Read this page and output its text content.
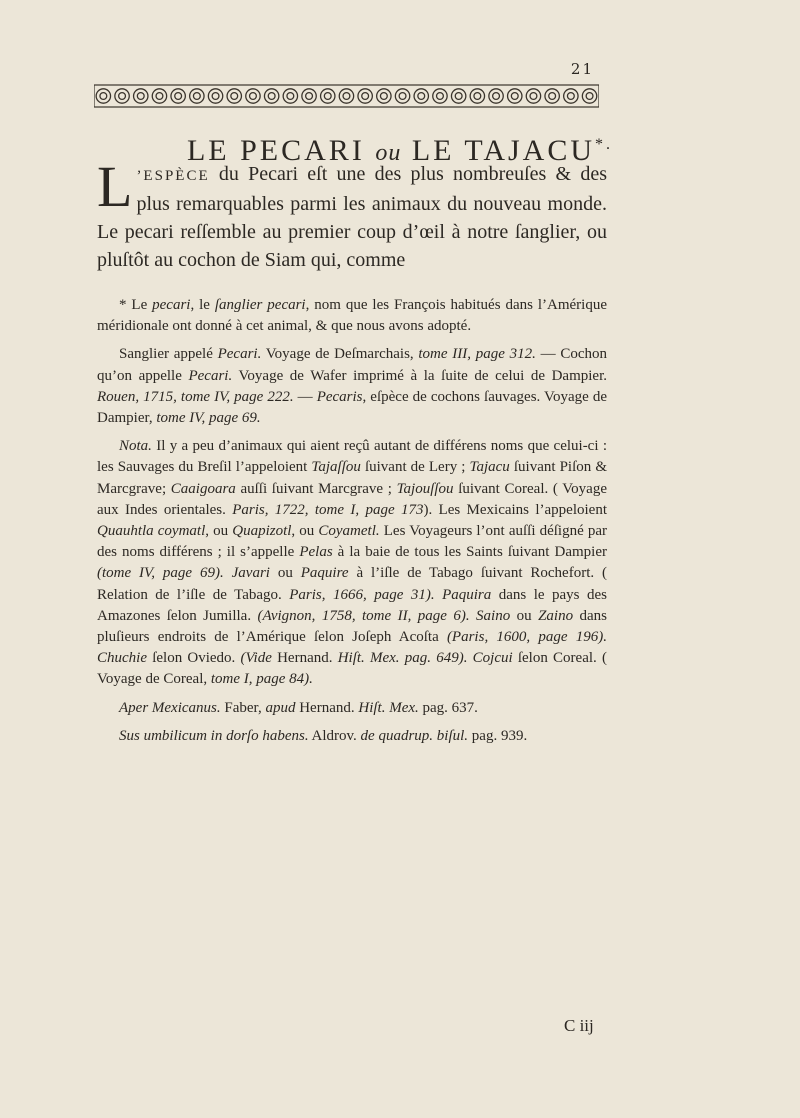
21
LE PECARI ou LE TAJACU*.
L ’ESPÈCE du Pecari eſt une des plus nombreuſes & des plus remarquables parmi les animaux du nouveau monde. Le pecari reſſemble au premier coup d’œil à notre ſanglier, ou pluſtôt au cochon de Siam qui, comme

* Le pecari, le ſanglier pecari, nom que les François habitués dans l’Amérique méridionale ont donné à cet animal, & que nous avons adopté.

Sanglier appelé Pecari. Voyage de Deſmarchais, tome III, page 312. — Cochon qu’on appelle Pecari. Voyage de Wafer imprimé à la ſuite de celui de Dampier. Rouen, 1715, tome IV, page 222. — Pecaris, eſpèce de cochons ſauvages. Voyage de Dampier, tome IV, page 69.

Nota. Il y a peu d’animaux qui aient reçû autant de différens noms que celui-ci : les Sauvages du Breſil l’appeloient Tajaſſou ſuivant de Lery ; Tajacu ſuivant Piſon & Marcgrave; Caaigoara auſſi ſuivant Marcgrave ; Tajouſſou ſuivant Coreal. ( Voyage aux Indes orientales. Paris, 1722, tome I, page 173). Les Mexicains l’appeloient Quauhtla coymatl, ou Quapizotl, ou Coyametl. Les Voyageurs l’ont auſſi déſigné par des noms différens ; il s’appelle Pelas à la baie de tous les Saints ſuivant Dampier (tome IV, page 69). Javari ou Paquire à l’iſle de Tabago ſuivant Rochefort. ( Relation de l’iſle de Tabago. Paris, 1666, page 31). Paquira dans le pays des Amazones ſelon Jumilla. (Avignon, 1758, tome II, page 6). Saino ou Zaino dans pluſieurs endroits de l’Amérique ſelon Joſeph Acoſta (Paris, 1600, page 196). Chuchie ſelon Oviedo. (Vide Hernand. Hiſt. Mex. pag. 649). Cojcui ſelon Coreal. ( Voyage de Coreal, tome I, page 84).

Aper Mexicanus. Faber, apud Hernand. Hiſt. Mex. pag. 637.

Sus umbilicum in dorſo habens. Aldrov. de quadrup. biſul. pag. 939.

C iij
